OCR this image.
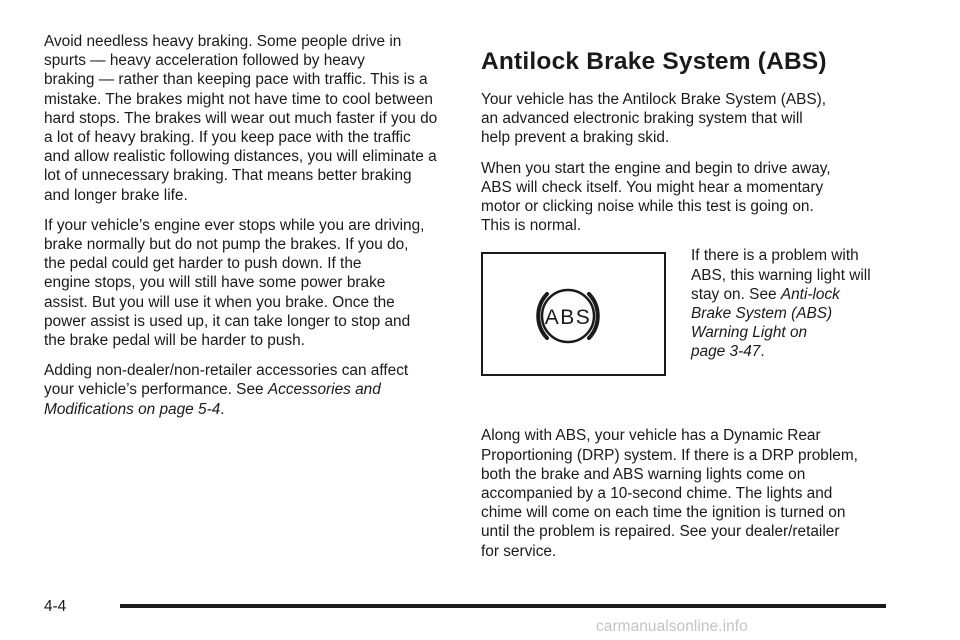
Avoid needless heavy braking. Some people drive in
spurts — heavy acceleration followed by heavy
braking — rather than keeping pace with traffic. This is a
mistake. The brakes might not have time to cool between
hard stops. The brakes will wear out much faster if you do
a lot of heavy braking. If you keep pace with the traffic
and allow realistic following distances, you will eliminate a
lot of unnecessary braking. That means better braking
and longer brake life.

If your vehicle’s engine ever stops while you are driving,
brake normally but do not pump the brakes. If you do,
the pedal could get harder to push down. If the
engine stops, you will still have some power brake
assist. But you will use it when you brake. Once the
power assist is used up, it can take longer to stop and
the brake pedal will be harder to push.

Adding non-dealer/non-retailer accessories can affect
your vehicle’s performance. See Accessories and
Modifications on page 5-4.

Antilock Brake System (ABS)

Your vehicle has the Antilock Brake System (ABS),
an advanced electronic braking system that will
help prevent a braking skid.

When you start the engine and begin to drive away,
ABS will check itself. You might hear a momentary
motor or clicking noise while this test is going on.
This is normal.

ABS
If there is a problem with
ABS, this warning light will
stay on. See Anti-lock
Brake System (ABS)
Warning Light on
page 3-47.

Along with ABS, your vehicle has a Dynamic Rear
Proportioning (DRP) system. If there is a DRP problem,
both the brake and ABS warning lights come on
accompanied by a 10-second chime. The lights and
chime will come on each time the ignition is turned on
until the problem is repaired. See your dealer/retailer
for service.

4-4
carmanualsonline.info
